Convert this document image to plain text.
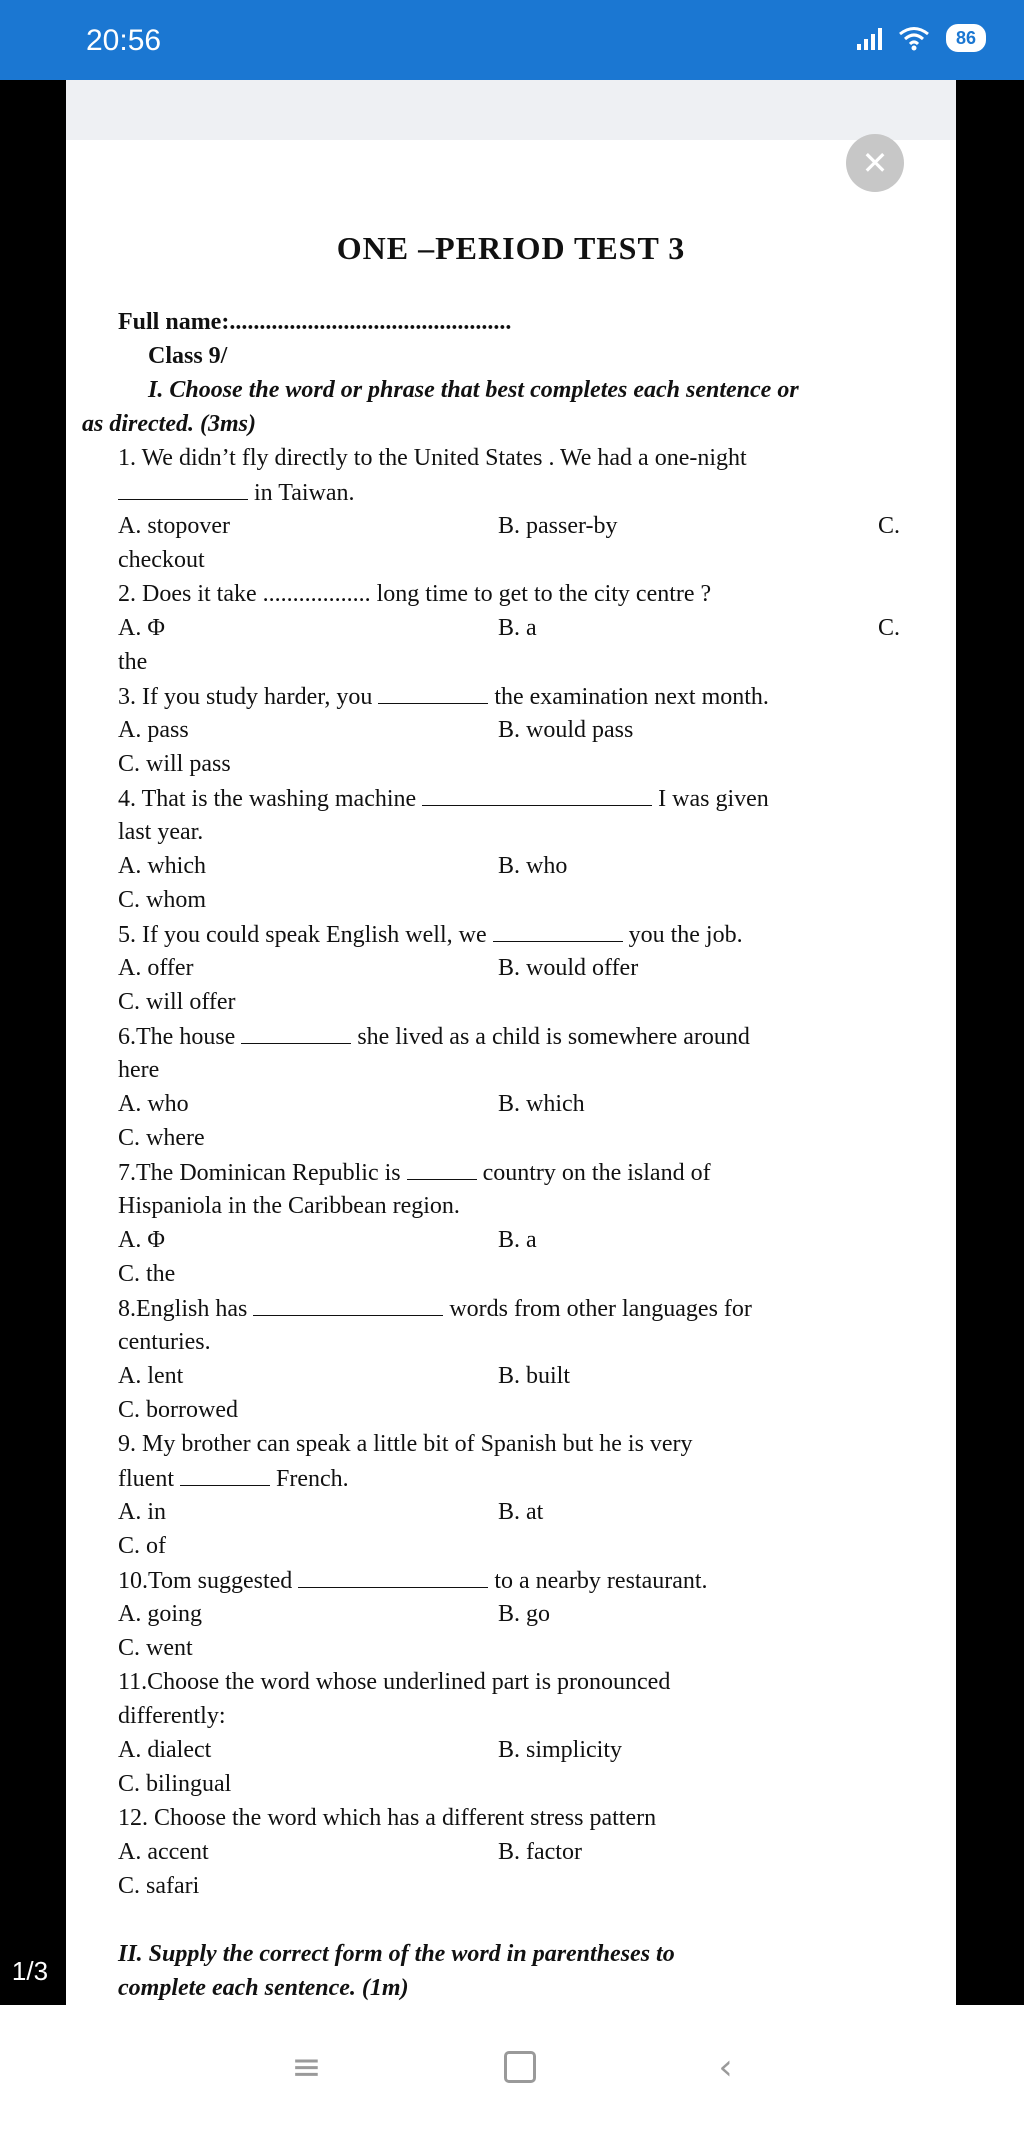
20:56	86
ONE –PERIOD TEST 3
Full name:...............................................
Class 9/
I. Choose the word or phrase that best completes each sentence or
as directed. (3ms)
1. We didn’t fly directly to the United States . We had a one-night
in Taiwan.
A. stopover	B. passer-by	C.
checkout
2. Does it take .................. long time to get to the city centre ?
A. Φ	B. a	C.
the
3. If you study harder, you	the examination next month.
A. pass	B. would pass
C. will pass
4. That is the washing machine	I was given
last year.
A. which	B. who
C. whom
5. If you could speak English well, we	you the job.
A. offer	B. would offer
C. will offer
6.The house	she lived as a child is somewhere around
here
A. who	B. which
C. where
7.The Dominican Republic is	country on the island of
Hispaniola in the Caribbean region.
A. Φ	B. a
C. the
8.English has	words from other languages for
centuries.
A. lent	B. built
C. borrowed
9. My brother can speak a little bit of Spanish but he is very
fluent	French.
A. in	B. at
C. of
10.Tom suggested	to a nearby restaurant.
A. going	B. go
C. went
11.Choose the word whose underlined part is pronounced
differently:
A. dialect	B. simplicity
C. bilingual
12. Choose the word which has a different stress pattern
A. accent	B. factor
C. safari
II. Supply the correct form of the word in parentheses to
complete each sentence. (1m)
✕
1/3
≡	‹
